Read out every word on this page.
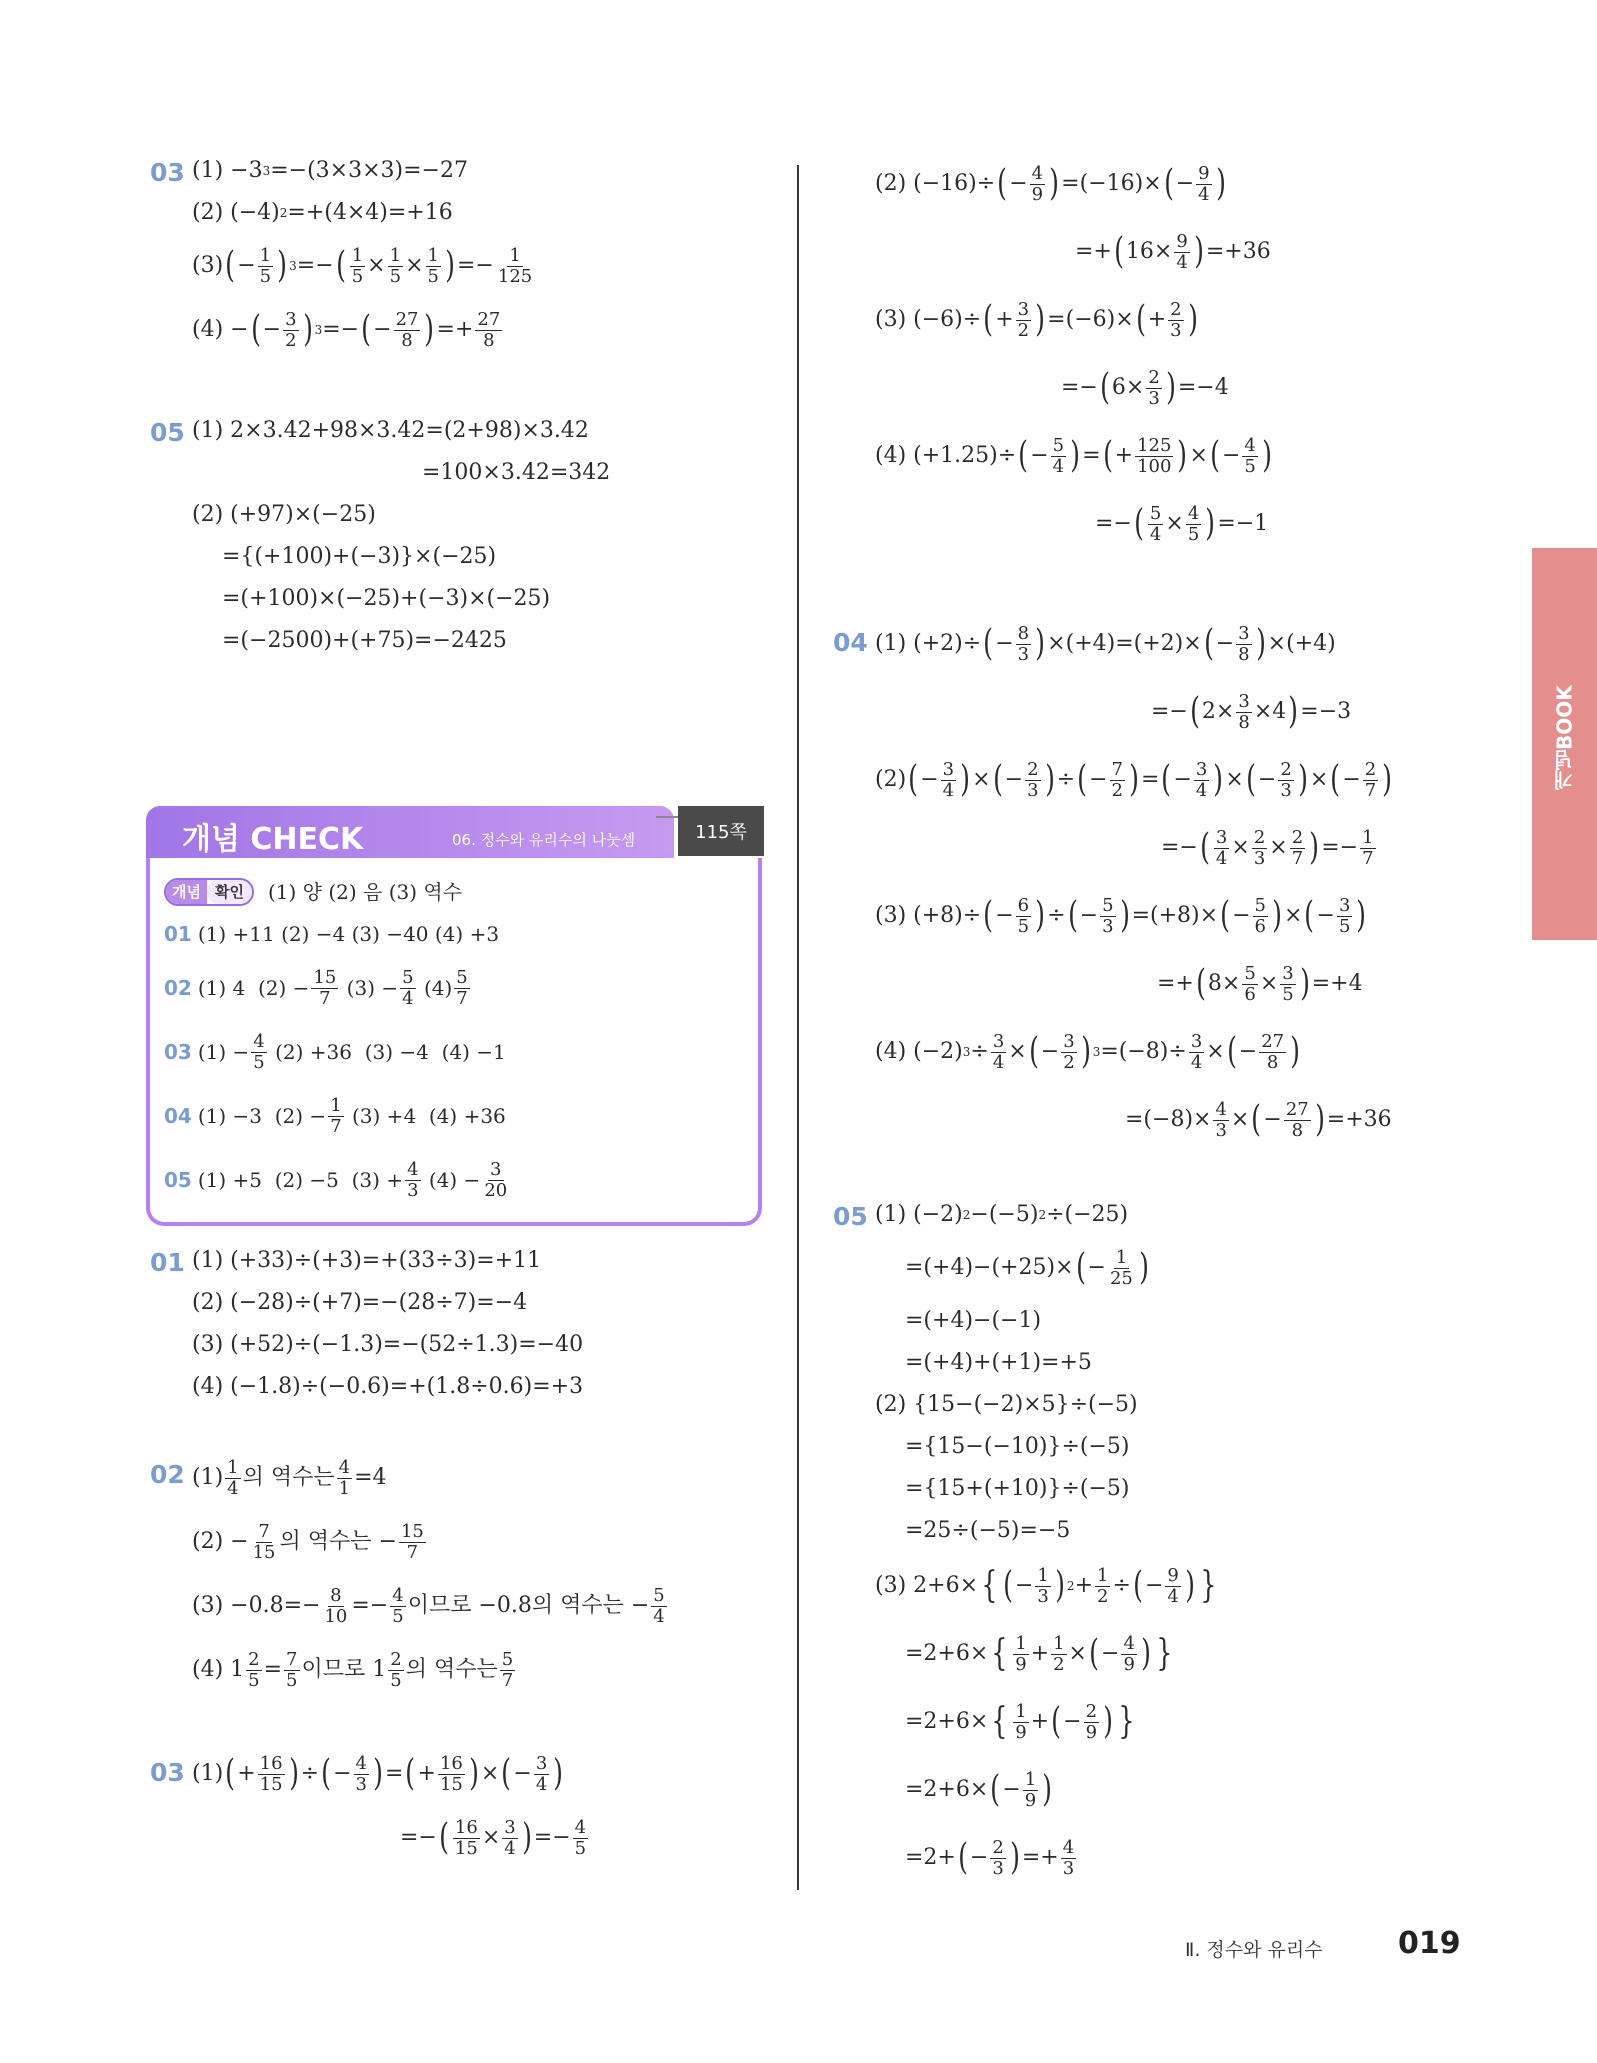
03 (1) −3 3 =−(3×3×3)=−27
(2) (−4) 2 =+(4×4)=+16
(3) ( − $\frac{1}{5}$ ) 3 =− ( $\frac{1}{5} \times \frac{1}{5} \times \frac{1}{5}$ ) =− $\frac{1}{125}$
(4) − ( − $\frac{3}{2}$ ) 3 =− ( − $\frac{27}{8}$ ) =+ $\frac{27}{8}$
05 (1) 2×3.42+98×3.42=(2+98)×3.42
=100×3.42=342
(2) (+97)×(−25)
={(+100)+(−3)}×(−25)
=(+100)×(−25)+(−3)×(−25)
=(−2500)+(+75)=−2425
01 (1) (+33)÷(+3)=+(33÷3)=+11
(2) (−28)÷(+7)=−(28÷7)=−4
(3) (+52)÷(−1.3)=−(52÷1.3)=−40
(4) (−1.8)÷(−0.6)=+(1.8÷0.6)=+3
02 $(1) \frac{1}{4}$ 의 역수는 $\frac{4}{1} =4$
$(2) - \frac{7}{15}$ 의 역수는 − $\frac{15}{7}$
$(3) -0.8=- \frac{8}{10} =- \frac{4}{5}$ 이므로 −0.8의 역수는 − $\frac{5}{4}$
(4) $1 \frac{2}{5} = \frac{7}{5}$ 이므로 $1 \frac{2}{5}$ 의 역수는 $\frac{5}{7}$
03 (1) ( + $\frac{16}{15}$ ) ÷ ( − $\frac{4}{3}$ ) = ( + $\frac{16}{15}$ ) × ( − $\frac{3}{4}$ )
=− ( $\frac{16}{15} \times \frac{3}{4}$ ) =− $\frac{4}{5}$
개념 CHECK	06. 정수와 유리수의 나눗셈	115쪽
개념 확인	(1) 양 (2) 음 (3) 역수
01 (1) +11 (2) −4 (3) −40 (4) +3
02 (1) 4  $(2) - \frac{15}{7} (3) - \frac{5}{4} (4) \frac{5}{7}$
03 $(1) - \frac{4}{5} (2) +36$  (3) −4  (4) −1
04 (1) −3  $(2) - \frac{1}{7} (3) +4$  (4) +36
05 (1) +5  (2) −5  $(3) + \frac{4}{3} (4) - \frac{3}{20}$
(2) (−16)÷ ( − $\frac{4}{9}$ ) =(−16)× ( − $\frac{9}{4}$ )
=+ ( $16\times \frac{9}{4}$ ) =+36
(3) (−6)÷ ( + $\frac{3}{2}$ ) =(−6)× ( + $\frac{2}{3}$ )
=− ( $6\times \frac{2}{3}$ ) =−4
(4) (+1.25)÷ ( − $\frac{5}{4}$ ) = ( + $\frac{125}{100}$ ) × ( − $\frac{4}{5}$ )
=− ( $\frac{5}{4} \times \frac{4}{5}$ ) =−1
04 (1) (+2)÷ ( − $\frac{8}{3}$ ) ×(+4)=(+2)× ( − $\frac{3}{8}$ ) ×(+4)
=− ( $2\times \frac{3}{8} \times 4$ ) =−3
(2) ( − $\frac{3}{4}$ ) × ( − $\frac{2}{3}$ ) ÷ ( − $\frac{7}{2}$ ) = ( − $\frac{3}{4}$ ) × ( − $\frac{2}{3}$ ) × ( − $\frac{2}{7}$ )
=− ( $\frac{3}{4} \times \frac{2}{3} \times \frac{2}{7}$ ) =− $\frac{1}{7}$
(3) (+8)÷ ( − $\frac{6}{5}$ ) ÷ ( − $\frac{5}{3}$ ) =(+8)× ( − $\frac{5}{6}$ ) × ( − $\frac{3}{5}$ )
=+ ( $8\times \frac{5}{6} \times \frac{3}{5}$ ) =+4
(4) (−2) $3 \div \frac{3}{4}$ × ( − $\frac{3}{2}$ ) $3 =(-8)\div \frac{3}{4}$ × ( − $\frac{27}{8}$ )
$=(-8)\times \frac{4}{3}$ × ( − $\frac{27}{8}$ ) =+36
05 (1) (−2) 2 −(−5) 2 ÷(−25)
=(+4)−(+25)× ( − $\frac{1}{25}$ )
=(+4)−(−1)
=(+4)+(+1)=+5
(2) {15−(−2)×5}÷(−5)
={15−(−10)}÷(−5)
={15+(+10)}÷(−5)
=25÷(−5)=−5
(3) 2+6× { ( − $\frac{1}{3}$ ) $2 + \frac{1}{2}$ ÷ ( − $\frac{9}{4}$ ) }
=2+6× { $\frac{1}{9} + \frac{1}{2}$ × ( − $\frac{4}{9}$ ) }
=2+6× { $\frac{1}{9}$ + ( − $\frac{2}{9}$ ) }
=2+6× ( − $\frac{1}{9}$ )
=2+ ( − $\frac{2}{3}$ ) =+ $\frac{4}{3}$
개념BOOK
Ⅱ. 정수와 유리수	019
